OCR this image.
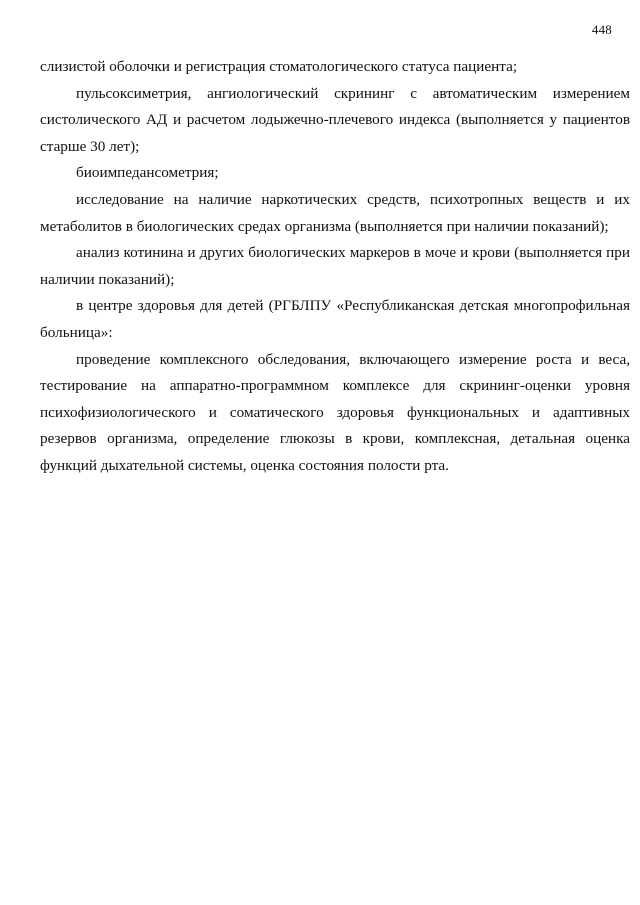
448

слизистой оболочки и регистрация стоматологического статуса пациента;

пульсоксиметрия, ангиологический скрининг с автоматическим измерением систолического АД и расчетом лодыжечно-плечевого индекса (выполняется у пациентов старше 30 лет);

биоимпедансометрия;

исследование на наличие наркотических средств, психотропных веществ и их метаболитов в биологических средах организма (выполняется при наличии показаний);

анализ котинина и других биологических маркеров в моче и крови (выполняется при наличии показаний);

в центре здоровья для детей (РГБЛПУ «Республиканская детская многопрофильная больница»:

проведение комплексного обследования, включающего измерение роста и веса, тестирование на аппаратно-программном комплексе для скрининг-оценки уровня психофизиологического и соматического здоровья функциональных и адаптивных резервов организма, определение глюкозы в крови, комплексная, детальная оценка функций дыхательной системы, оценка состояния полости рта.
